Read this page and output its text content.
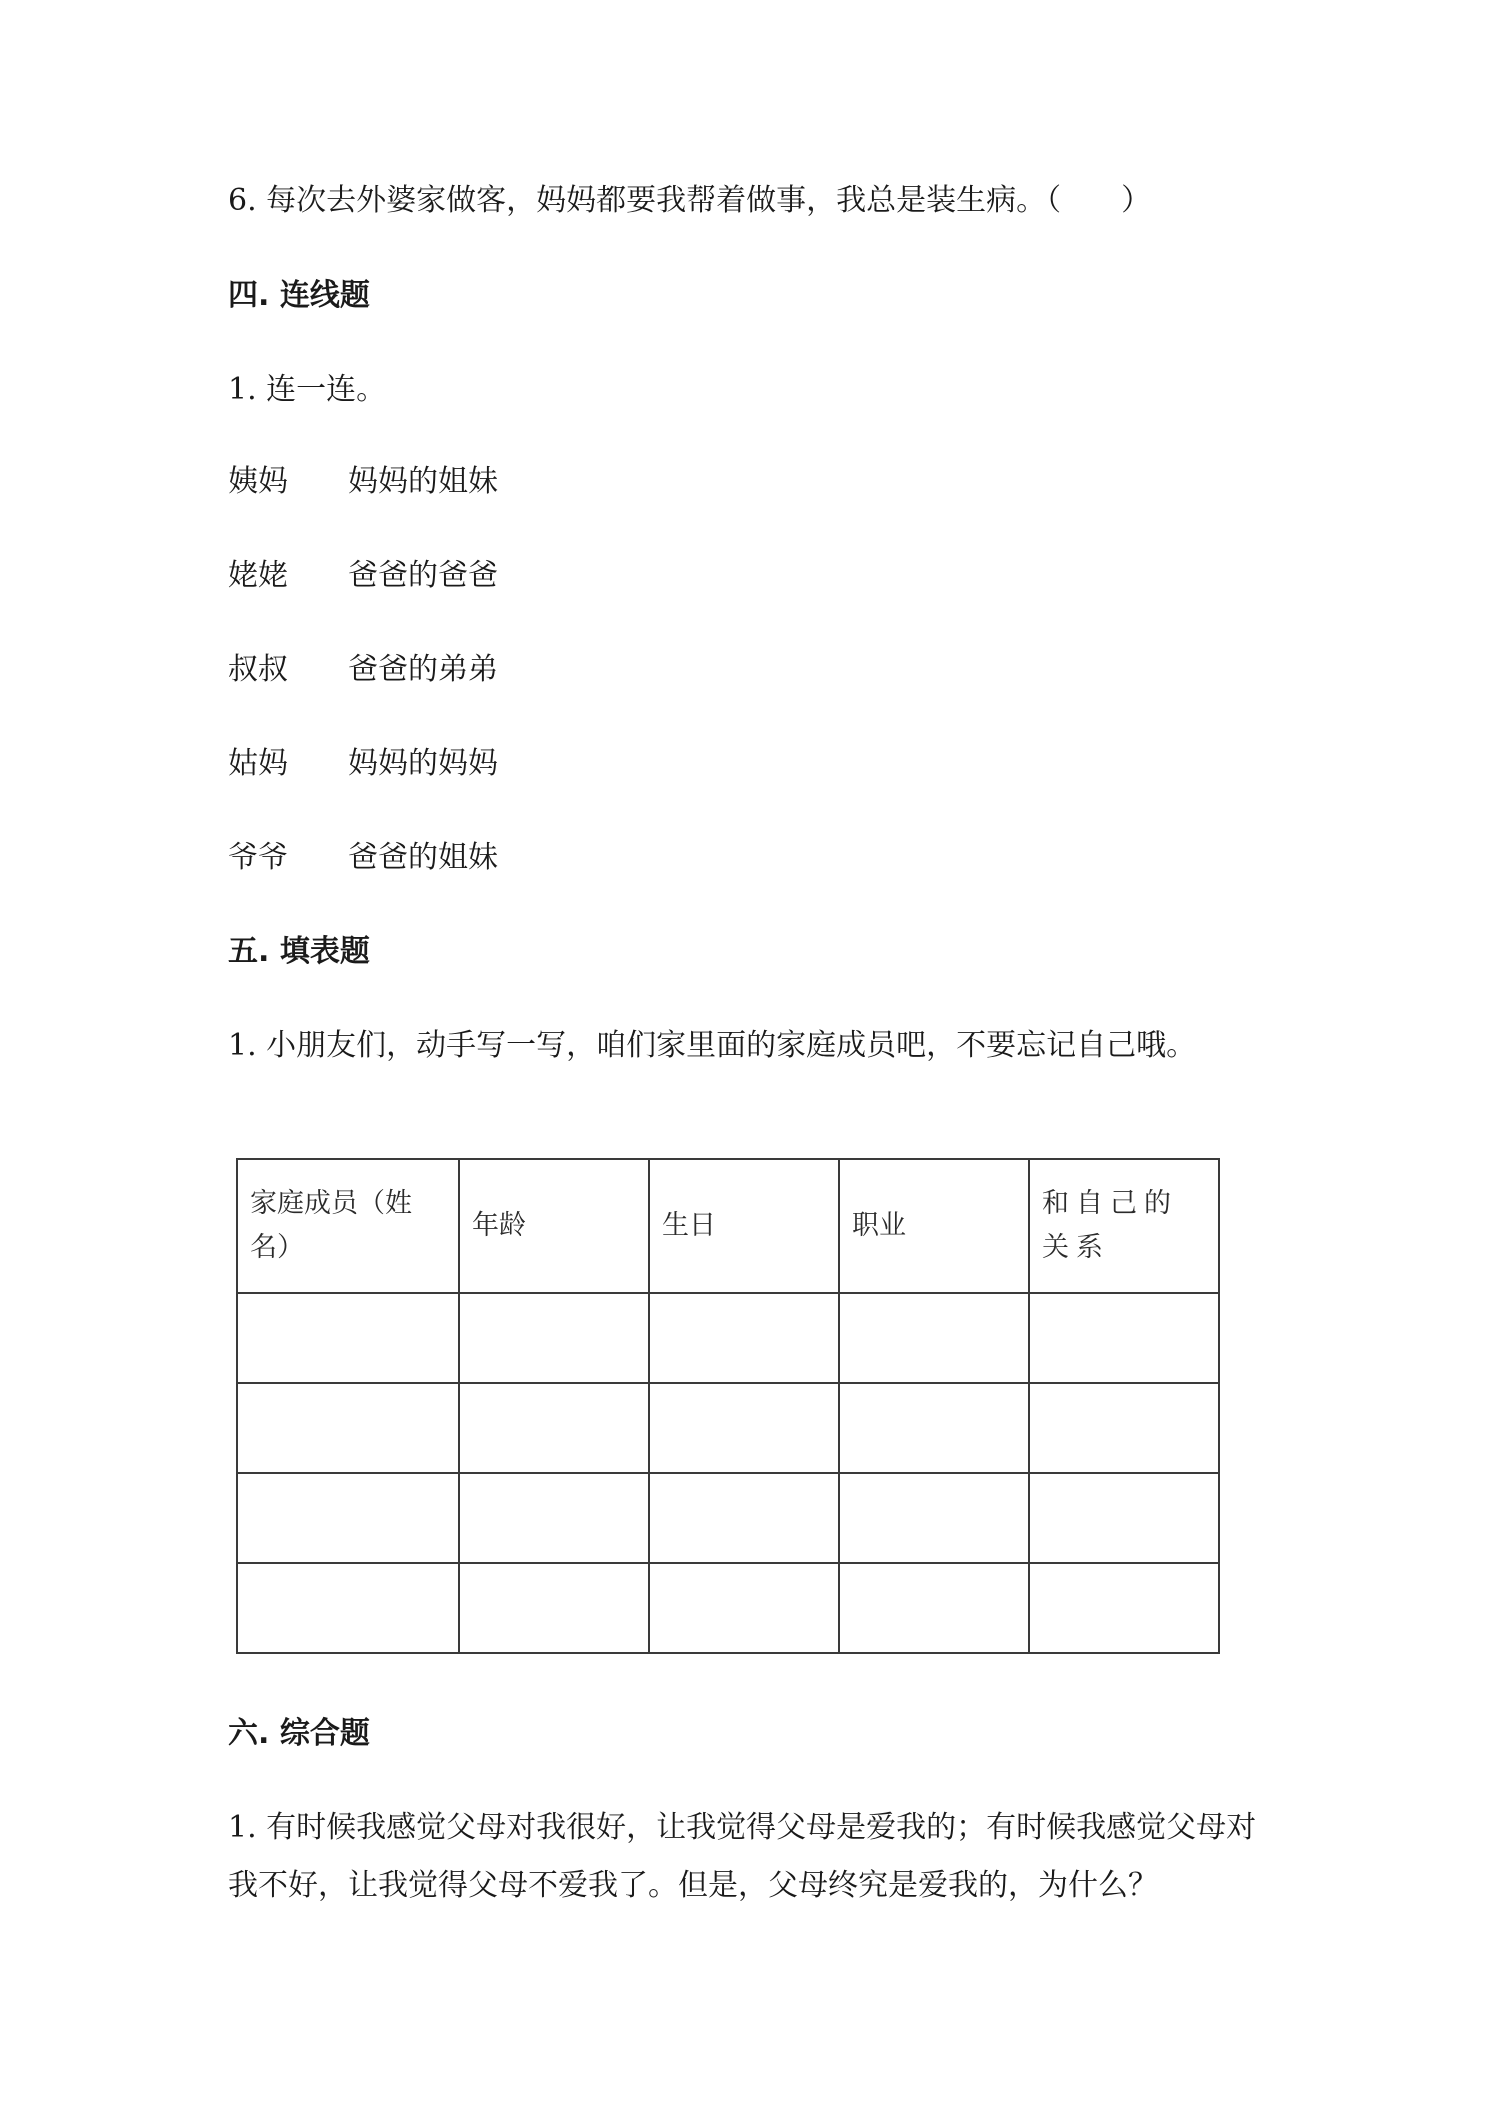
6. 每次去外婆家做客，妈妈都要我帮着做事，我总是装生病。（　　）
四. 连线题
1. 连一连。
姨妈 妈妈的姐妹
姥姥 爸爸的爸爸
叔叔 爸爸的弟弟
姑妈 妈妈的妈妈
爷爷 爸爸的姐妹
五. 填表题
1. 小朋友们，动手写一写，咱们家里面的家庭成员吧，不要忘记自己哦。
家庭成员（姓名）	年龄	生日	职业	和自己的关系

六. 综合题
1. 有时候我感觉父母对我很好，让我觉得父母是爱我的；有时候我感觉父母对
我不好，让我觉得父母不爱我了。但是，父母终究是爱我的，为什么？
